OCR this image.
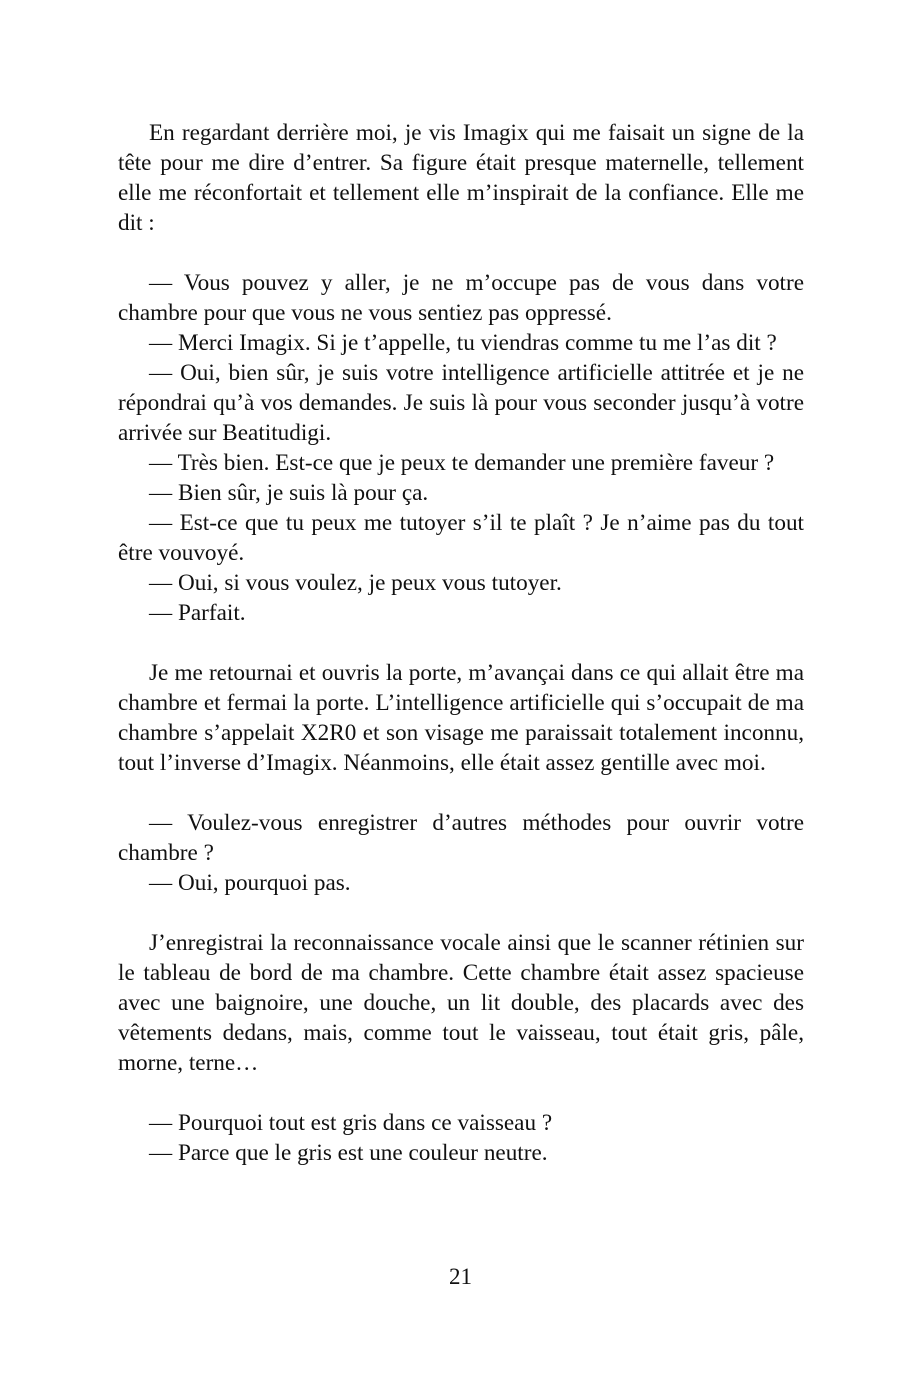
En regardant derrière moi, je vis Imagix qui me faisait un signe de la tête pour me dire d’entrer. Sa figure était presque maternelle, tellement elle me réconfortait et tellement elle m’inspirait de la confiance. Elle me dit :

— Vous pouvez y aller, je ne m’occupe pas de vous dans votre chambre pour que vous ne vous sentiez pas oppressé.

— Merci Imagix. Si je t’appelle, tu viendras comme tu me l’as dit ?

— Oui, bien sûr, je suis votre intelligence artificielle attitrée et je ne répondrai qu’à vos demandes. Je suis là pour vous seconder jusqu’à votre arrivée sur Beatitudigi.

— Très bien. Est-ce que je peux te demander une première faveur ?

— Bien sûr, je suis là pour ça.

— Est-ce que tu peux me tutoyer s’il te plaît ? Je n’aime pas du tout être vouvoyé.

— Oui, si vous voulez, je peux vous tutoyer.

— Parfait.

Je me retournai et ouvris la porte, m’avançai dans ce qui allait être ma chambre et fermai la porte. L’intelligence artificielle qui s’occupait de ma chambre s’appelait X2R0 et son visage me paraissait totalement inconnu, tout l’inverse d’Imagix. Néanmoins, elle était assez gentille avec moi.

— Voulez-vous enregistrer d’autres méthodes pour ouvrir votre chambre ?

— Oui, pourquoi pas.

J’enregistrai la reconnaissance vocale ainsi que le scanner rétinien sur le tableau de bord de ma chambre. Cette chambre était assez spacieuse avec une baignoire, une douche, un lit double, des placards avec des vêtements dedans, mais, comme tout le vaisseau, tout était gris, pâle, morne, terne…

— Pourquoi tout est gris dans ce vaisseau ?

— Parce que le gris est une couleur neutre.

21
